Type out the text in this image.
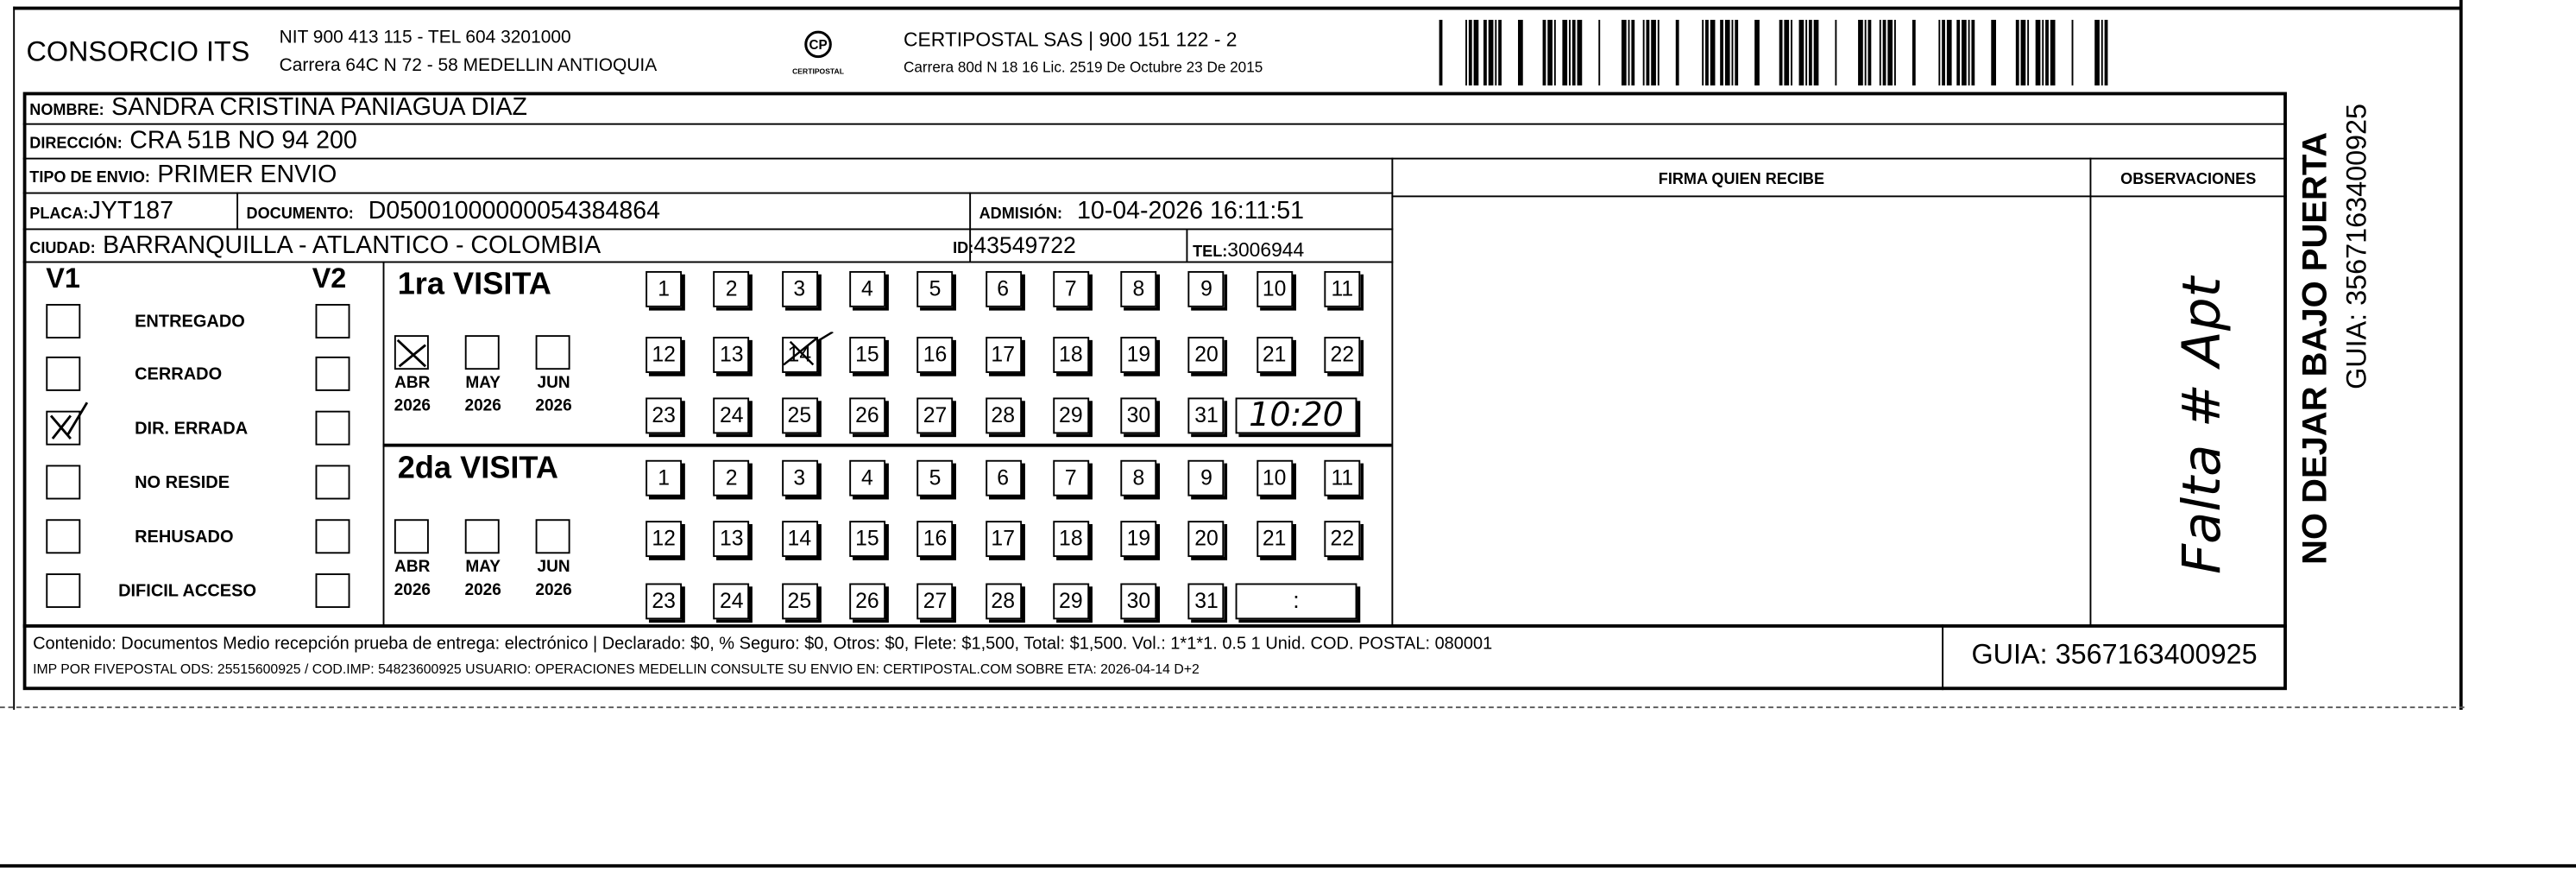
CONSORCIO ITS	NIT 900 413 115 - TEL 604 3201000
Carrera 64C N 72 - 58 MEDELLIN ANTIOQUIA
CP
CERTIPOSTAL
CERTIPOSTAL SAS | 900 151 122 - 2
Carrera 80d N 18 16 Lic. 2519 De Octubre 23 De 2015
NOMBRE: SANDRA CRISTINA PANIAGUA DIAZ
DIRECCIÓN: CRA 51B NO 94 200
TIPO DE ENVIO: PRIMER ENVIO
PLACA:JYT187	DOCUMENTO: D05001000000054384864	ADMISIÓN: 10-04-2026 16:11:51
CIUDAD: BARRANQUILLA - ATLANTICO - COLOMBIA	ID:43549722	TEL:3006944
FIRMA QUIEN RECIBE	OBSERVACIONES
Falta # Apt	NO DEJAR BAJO PUERTA GUIA: 3567163400925
V1	V2
ENTREGADO
CERRADO
DIR. ERRADA
NO RESIDE
REHUSADO
DIFICIL ACCESO
1ra VISITA
ABR
2026
MAY
2026
JUN
2026
1	2	3	4	5	6	7	8	9	10	11
12	13	14	15	16	17	18	19	20	21	22
23	24	25	26	27	28	29	30	31	10:20
2da VISITA
ABR
2026
MAY
2026
JUN
2026
1	2	3	4	5	6	7	8	9	10	11
12	13	14	15	16	17	18	19	20	21	22
23	24	25	26	27	28	29	30	31	:
Contenido: Documentos Medio recepción prueba de entrega: electrónico | Declarado: $0, % Seguro: $0, Otros: $0, Flete: $1,500, Total: $1,500. Vol.: 1*1*1. 0.5 1 Unid. COD. POSTAL: 080001
IMP POR FIVEPOSTAL ODS: 25515600925 / COD.IMP: 54823600925 USUARIO: OPERACIONES MEDELLIN CONSULTE SU ENVIO EN: CERTIPOSTAL.COM SOBRE ETA: 2026-04-14 D+2	GUIA: 3567163400925
